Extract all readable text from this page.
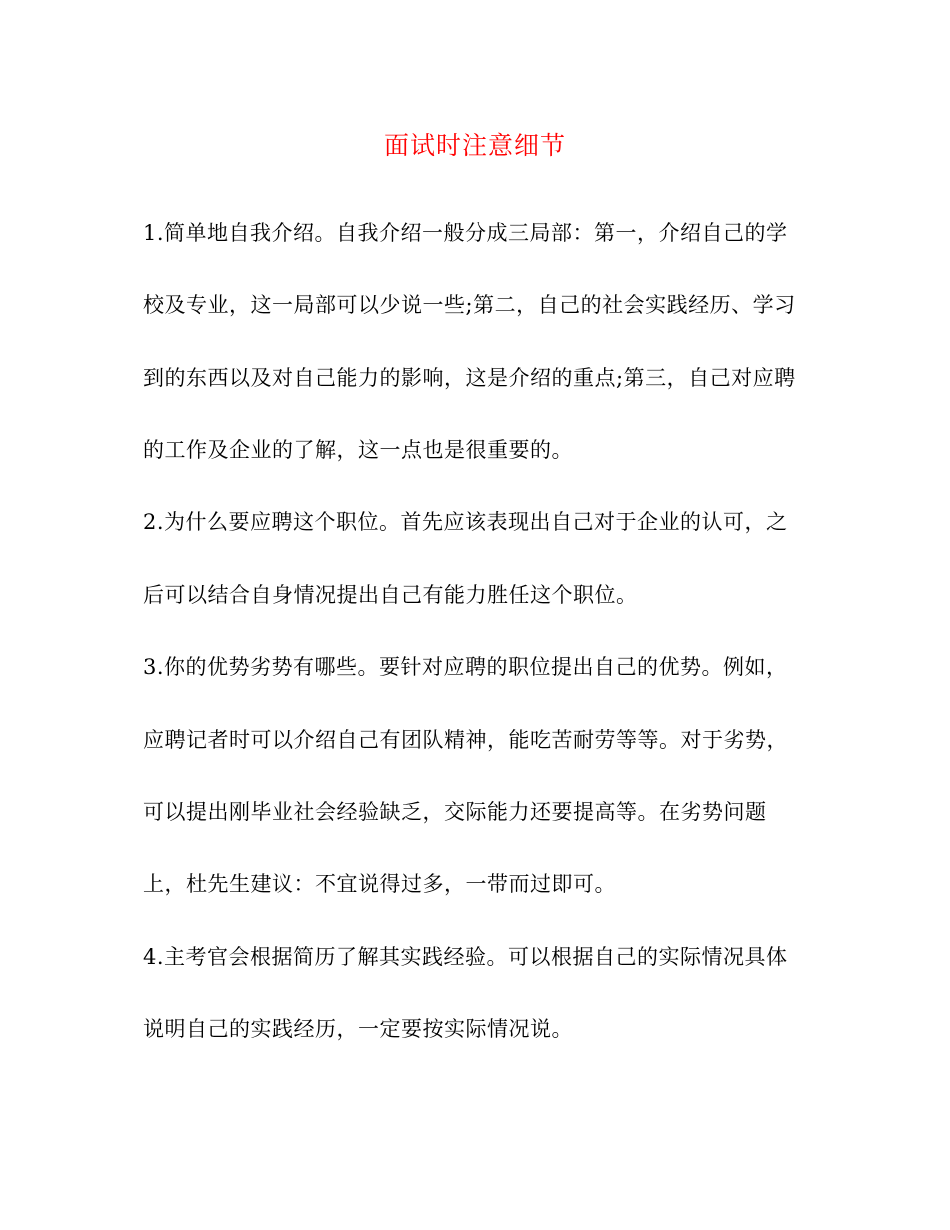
面试时注意细节

1.简单地自我介绍。自我介绍一般分成三局部：第一，介绍自己的学

校及专业，这一局部可以少说一些;第二，自己的社会实践经历、学习

到的东西以及对自己能力的影响，这是介绍的重点;第三，自己对应聘

的工作及企业的了解，这一点也是很重要的。

2.为什么要应聘这个职位。首先应该表现出自己对于企业的认可，之

后可以结合自身情况提出自己有能力胜任这个职位。

3.你的优势劣势有哪些。要针对应聘的职位提出自己的优势。例如，

应聘记者时可以介绍自己有团队精神，能吃苦耐劳等等。对于劣势，

可以提出刚毕业社会经验缺乏，交际能力还要提高等。在劣势问题

上，杜先生建议：不宜说得过多，一带而过即可。

4.主考官会根据简历了解其实践经验。可以根据自己的实际情况具体

说明自己的实践经历，一定要按实际情况说。
